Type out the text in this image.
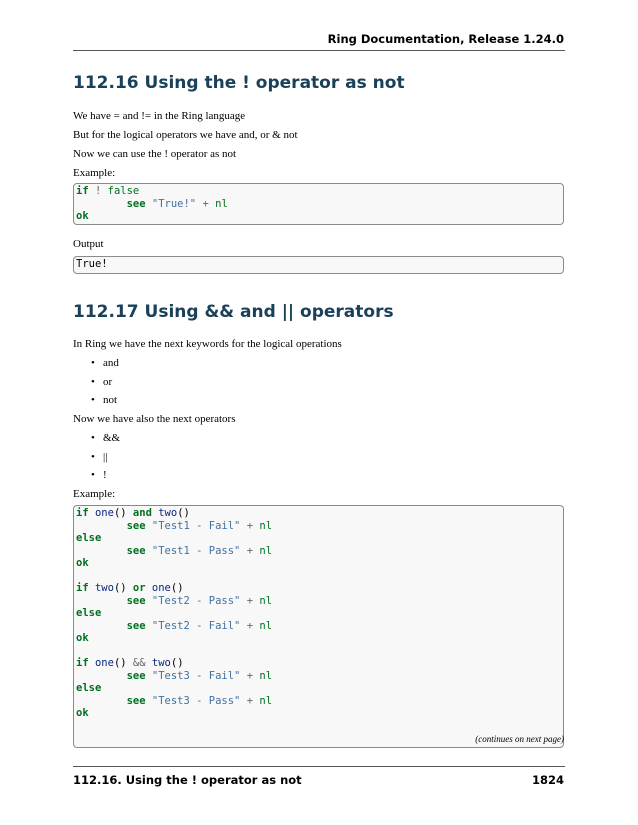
Ring Documentation, Release 1.24.0
112.16 Using the ! operator as not

We have = and != in the Ring language

But for the logical operators we have and, or & not

Now we can use the ! operator as not

Example:

if ! false
see "True!" + nl
ok

Output

True!
112.17 Using && and || operators

In Ring we have the next keywords for the logical operations

• and
• or
• not

Now we have also the next operators

• &&
• ||
• !

Example:

if one() and two()
see "Test1 - Fail" + nl
else
see "Test1 - Pass" + nl
ok

if two() or one()
see "Test2 - Pass" + nl
else
see "Test2 - Fail" + nl
ok

if one() && two()
see "Test3 - Fail" + nl
else
see "Test3 - Pass" + nl
ok
(continues on next page)
112.16. Using the ! operator as not	1824
